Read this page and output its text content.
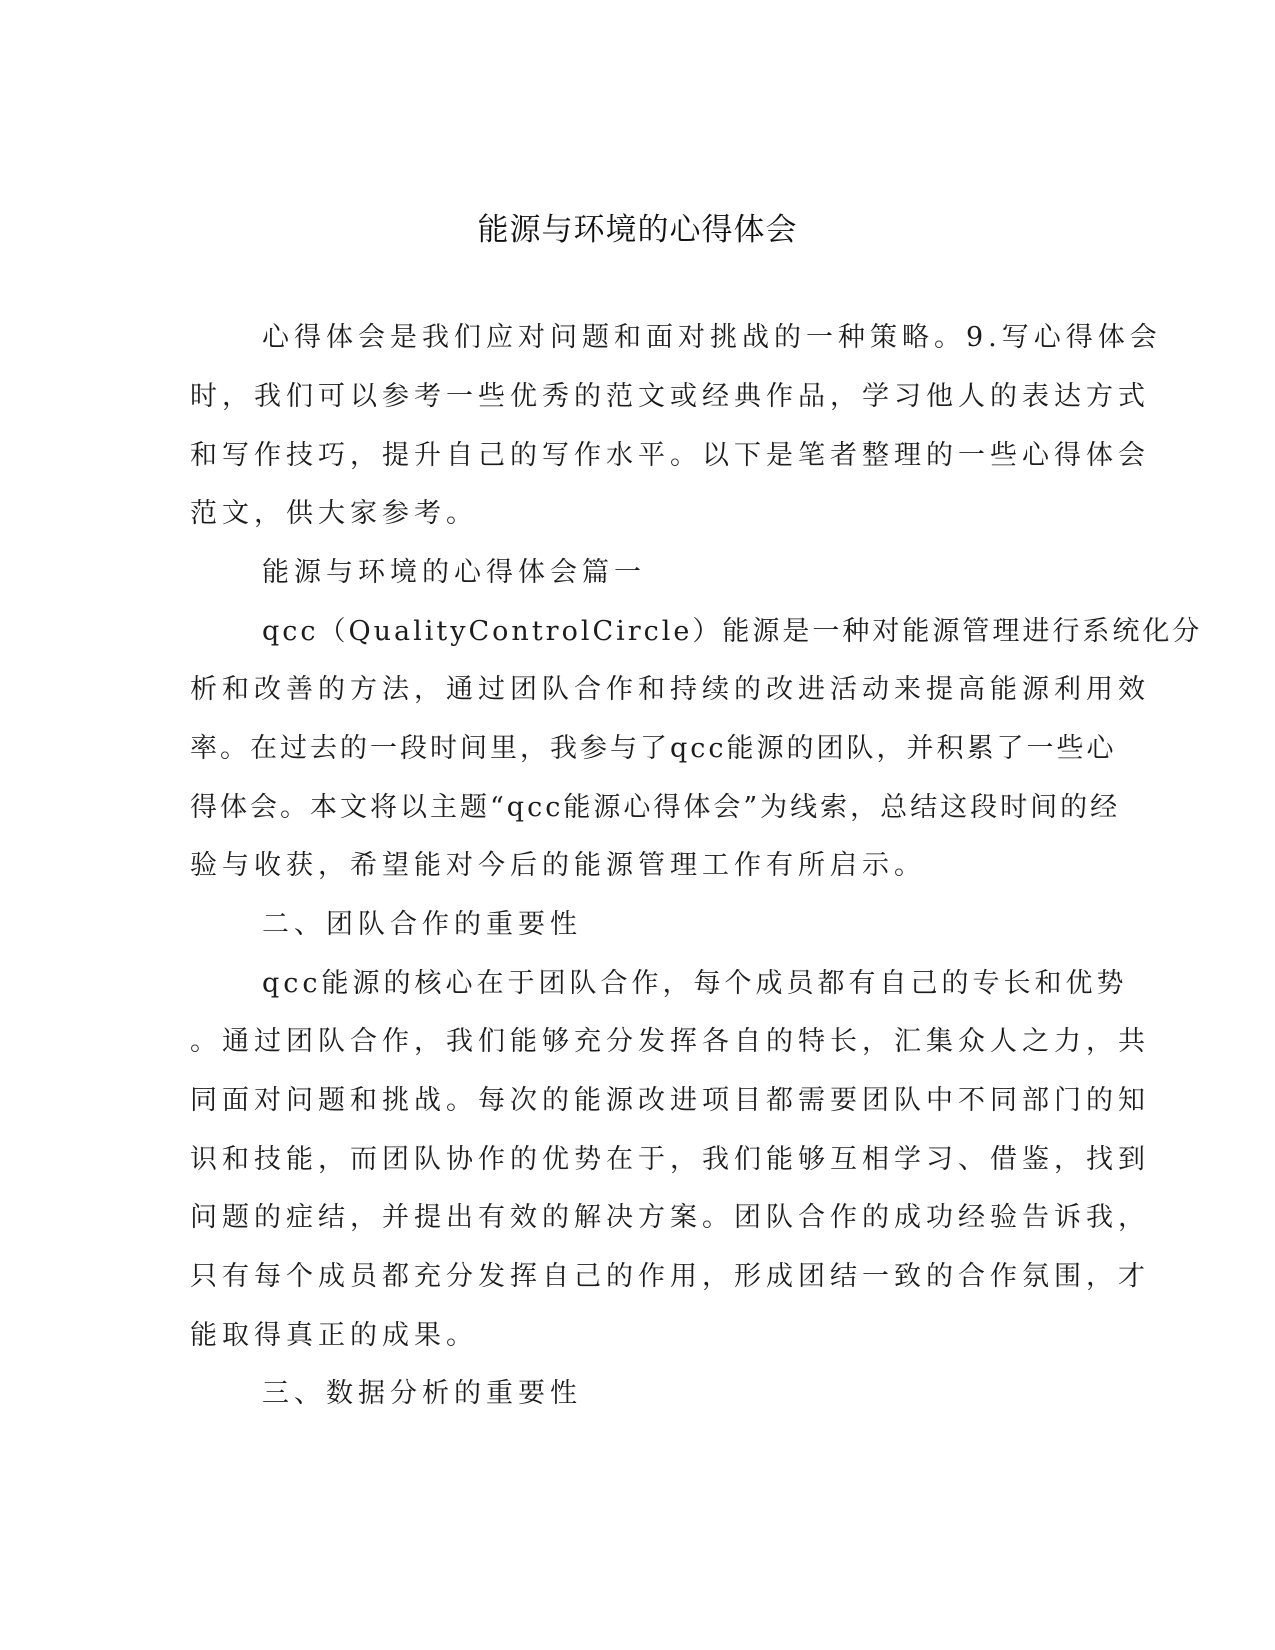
能源与环境的心得体会
心得体会是我们应对问题和面对挑战的一种策略。9.写心得体会
时，我们可以参考一些优秀的范文或经典作品，学习他人的表达方式
和写作技巧，提升自己的写作水平。以下是笔者整理的一些心得体会
范文，供大家参考。
能源与环境的心得体会篇一
qcc（QualityControlCircle）能源是一种对能源管理进行系统化分
析和改善的方法，通过团队合作和持续的改进活动来提高能源利用效
率。在过去的一段时间里，我参与了qcc能源的团队，并积累了一些心
得体会。本文将以主题“qcc能源心得体会”为线索，总结这段时间的经
验与收获，希望能对今后的能源管理工作有所启示。
二、团队合作的重要性
qcc能源的核心在于团队合作，每个成员都有自己的专长和优势
。通过团队合作，我们能够充分发挥各自的特长，汇集众人之力，共
同面对问题和挑战。每次的能源改进项目都需要团队中不同部门的知
识和技能，而团队协作的优势在于，我们能够互相学习、借鉴，找到
问题的症结，并提出有效的解决方案。团队合作的成功经验告诉我，
只有每个成员都充分发挥自己的作用，形成团结一致的合作氛围，才
能取得真正的成果。
三、数据分析的重要性
